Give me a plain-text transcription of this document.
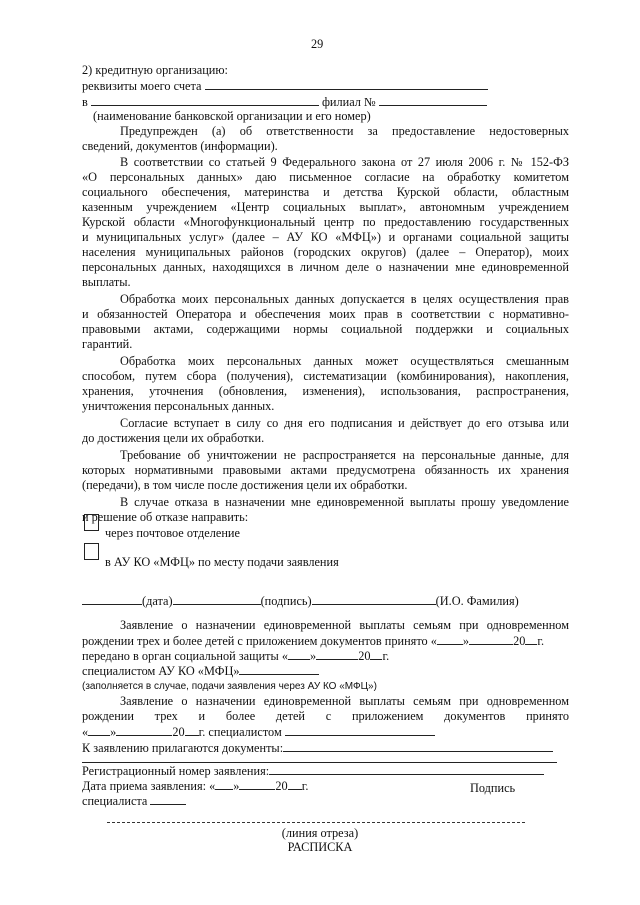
29
2) кредитную организацию:
реквизиты моего счета
в	филиал №
(наименование банковской организации и его номер)
Предупрежден (а) об ответственности за предоставление недостоверных
сведений, документов (информации).
В соответствии со статьей 9 Федерального закона от 27 июля 2006 г. № 152-ФЗ
«О персональных данных» даю письменное согласие на обработку комитетом
социального обеспечения, материнства и детства Курской области, областным
казенным учреждением «Центр социальных выплат», автономным учреждением
Курской области «Многофункциональный центр по предоставлению государственных
и муниципальных услуг» (далее – АУ КО «МФЦ») и органами социальной защиты
населения муниципальных районов (городских округов) (далее – Оператор), моих
персональных данных, находящихся в личном деле о назначении мне единовременной
выплаты.
Обработка моих персональных данных допускается в целях осуществления прав
и обязанностей Оператора и обеспечения моих прав в соответствии с нормативно-
правовыми актами, содержащими нормы социальной поддержки и социальных
гарантий.
Обработка моих персональных данных может осуществляться смешанным
способом, путем сбора (получения), систематизации (комбинирования), накопления,
хранения, уточнения (обновления, изменения), использования, распространения,
уничтожения персональных данных.
Согласие вступает в силу со дня его подписания и действует до его отзыва или
до достижения цели их обработки.
Требование об уничтожении не распространяется на персональные данные, для
которых нормативными правовыми актами предусмотрена обязанность их хранения
(передачи), в том числе после достижения цели их обработки.
В случае отказа в назначении мне единовременной выплаты прошу уведомление
и решение об отказе направить:
через почтовое отделение
в АУ КО «МФЦ» по месту подачи заявления
(дата)	(подпись)	(И.О. Фамилия)
Заявление о назначении единовременной выплаты семьям при одновременном
рождении трех и более детей с приложением документов принято « »	20 г.
передано в орган социальной защиты « »	20 г.
специалистом АУ КО «МФЦ»
(заполняется в случае, подачи заявления через АУ КО «МФЦ»)
Заявление о назначении единовременной выплаты семьям при одновременном
рождении трех и более детей с приложением документов принято
« »	20 г. специалистом
К заявлению прилагаются документы:
Регистрационный номер заявления:
Дата приема заявления: « »	20 г.	Подпись
специалиста
(линия отреза)
РАСПИСКА
